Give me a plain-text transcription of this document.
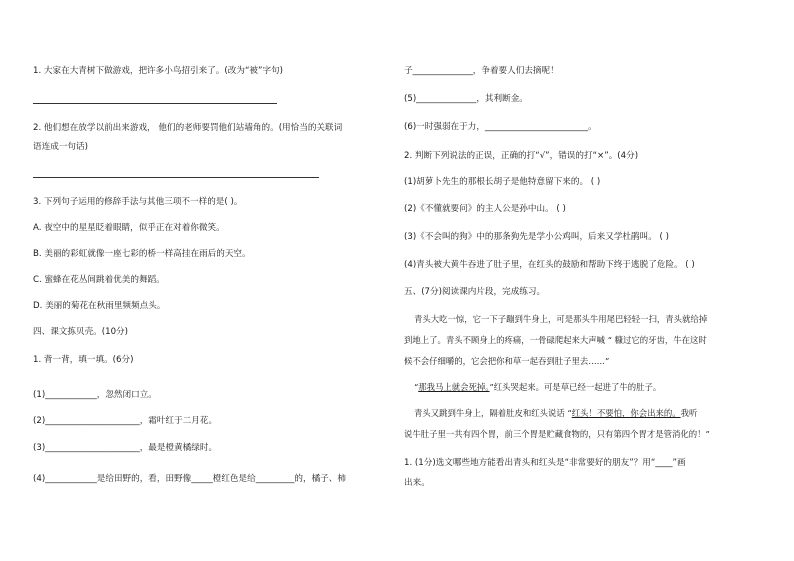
1. 大家在大青树下做游戏，把许多小鸟招引来了。(改为“被”字句)
2. 他们想在放学以前出来游戏， 他们的老师要罚他们站墙角的。(用恰当的关联词
语连成一句话)
3. 下列句子运用的修辞手法与其他三项不一样的是( )。
A. 夜空中的星星眨着眼睛，似乎正在对着你微笑。
B. 美丽的彩虹就像一座七彩的桥一样高挂在雨后的天空。
C. 蜜蜂在花丛间跳着优美的舞蹈。
D. 美丽的菊花在秋雨里频频点头。
四、课文拣贝壳。(10分)
1. 背一背，填一填。(6分)
(1)____________，忽然闭口立。
(2)______________________，霜叶红于二月花。
(3)______________________，最是橙黄橘绿时。
(4)____________是给田野的，看，田野像_____橙红色是给_________的，橘子、柿
子______________，争着要人们去摘呢！
(5)______________，其利断金。
(6)一时强弱在于力，________________________。
2. 判断下列说法的正误，正确的打“√”，错误的打“×”。(4分)
(1)胡萝卜先生的那根长胡子是他特意留下来的。 ( )
(2)《不懂就要问》的主人公是孙中山。 ( )
(3)《不会叫的狗》中的那条狗先是学小公鸡叫，后来又学杜鹃叫。 ( )
(4)青头被大黄牛吞进了肚子里，在红头的鼓励和帮助下终于逃脱了危险。 ( )
五、(7分)阅读课内片段，完成练习。
青头大吃一惊，它一下子蹦到牛身上，可是那头牛用尾巴轻轻一扫，青头就给掉
到地上了。青头不顾身上的疼痛，一骨碌爬起来大声喊 “ 糠过它的牙齿，牛在这时
候不会仔细嚼的，它会把你和草一起吞到肚子里去……”
“那我马上就会死掉。”红头哭起来。可是草已经一起进了牛的肚子。
青头又跳到牛身上，隔着肚皮和红头说话 “红头！不要怕，你会出来的。我听
说牛肚子里一共有四个胃，前三个胃是贮藏食物的，只有第四个胃才是管消化的！”
1. (1分)选文哪些地方能看出青头和红头是“非常要好的朋友”？用“____”画
出来。
